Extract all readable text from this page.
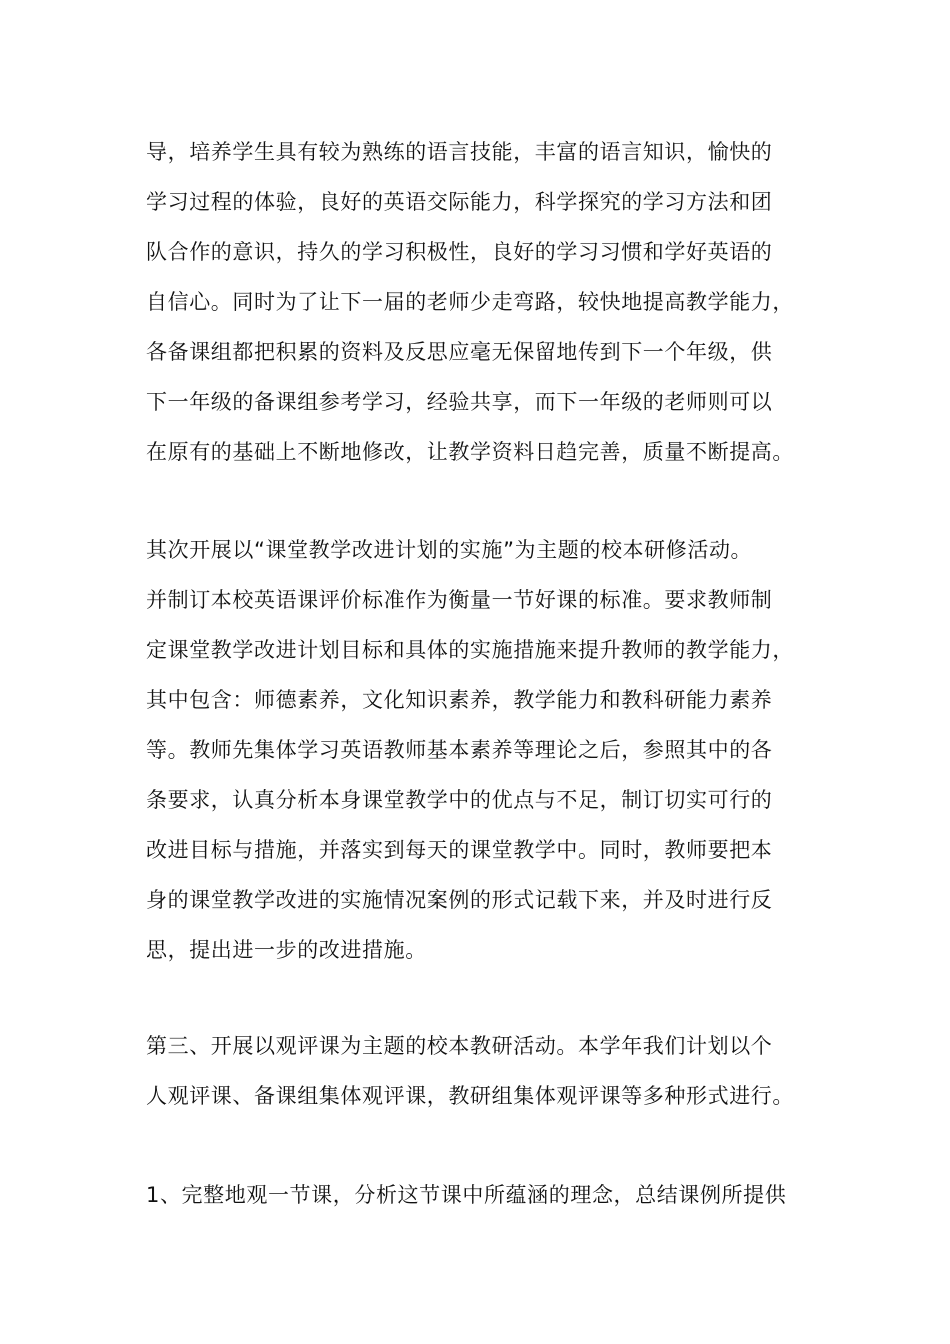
导，培养学生具有较为熟练的语言技能，丰富的语言知识，愉快的
学习过程的体验，良好的英语交际能力，科学探究的学习方法和团
队合作的意识，持久的学习积极性，良好的学习习惯和学好英语的
自信心。同时为了让下一届的老师少走弯路，较快地提高教学能力，
各备课组都把积累的资料及反思应毫无保留地传到下一个年级，供
下一年级的备课组参考学习，经验共享，而下一年级的老师则可以
在原有的基础上不断地修改，让教学资料日趋完善，质量不断提高。
其次开展以“课堂教学改进计划的实施”为主题的校本研修活动。
并制订本校英语课评价标准作为衡量一节好课的标准。要求教师制
定课堂教学改进计划目标和具体的实施措施来提升教师的教学能力，
其中包含：师德素养，文化知识素养，教学能力和教科研能力素养
等。教师先集体学习英语教师基本素养等理论之后，参照其中的各
条要求，认真分析本身课堂教学中的优点与不足，制订切实可行的
改进目标与措施，并落实到每天的课堂教学中。同时，教师要把本
身的课堂教学改进的实施情况案例的形式记载下来，并及时进行反
思，提出进一步的改进措施。
第三、开展以观评课为主题的校本教研活动。本学年我们计划以个
人观评课、备课组集体观评课，教研组集体观评课等多种形式进行。
1、完整地观一节课，分析这节课中所蕴涵的理念，总结课例所提供
